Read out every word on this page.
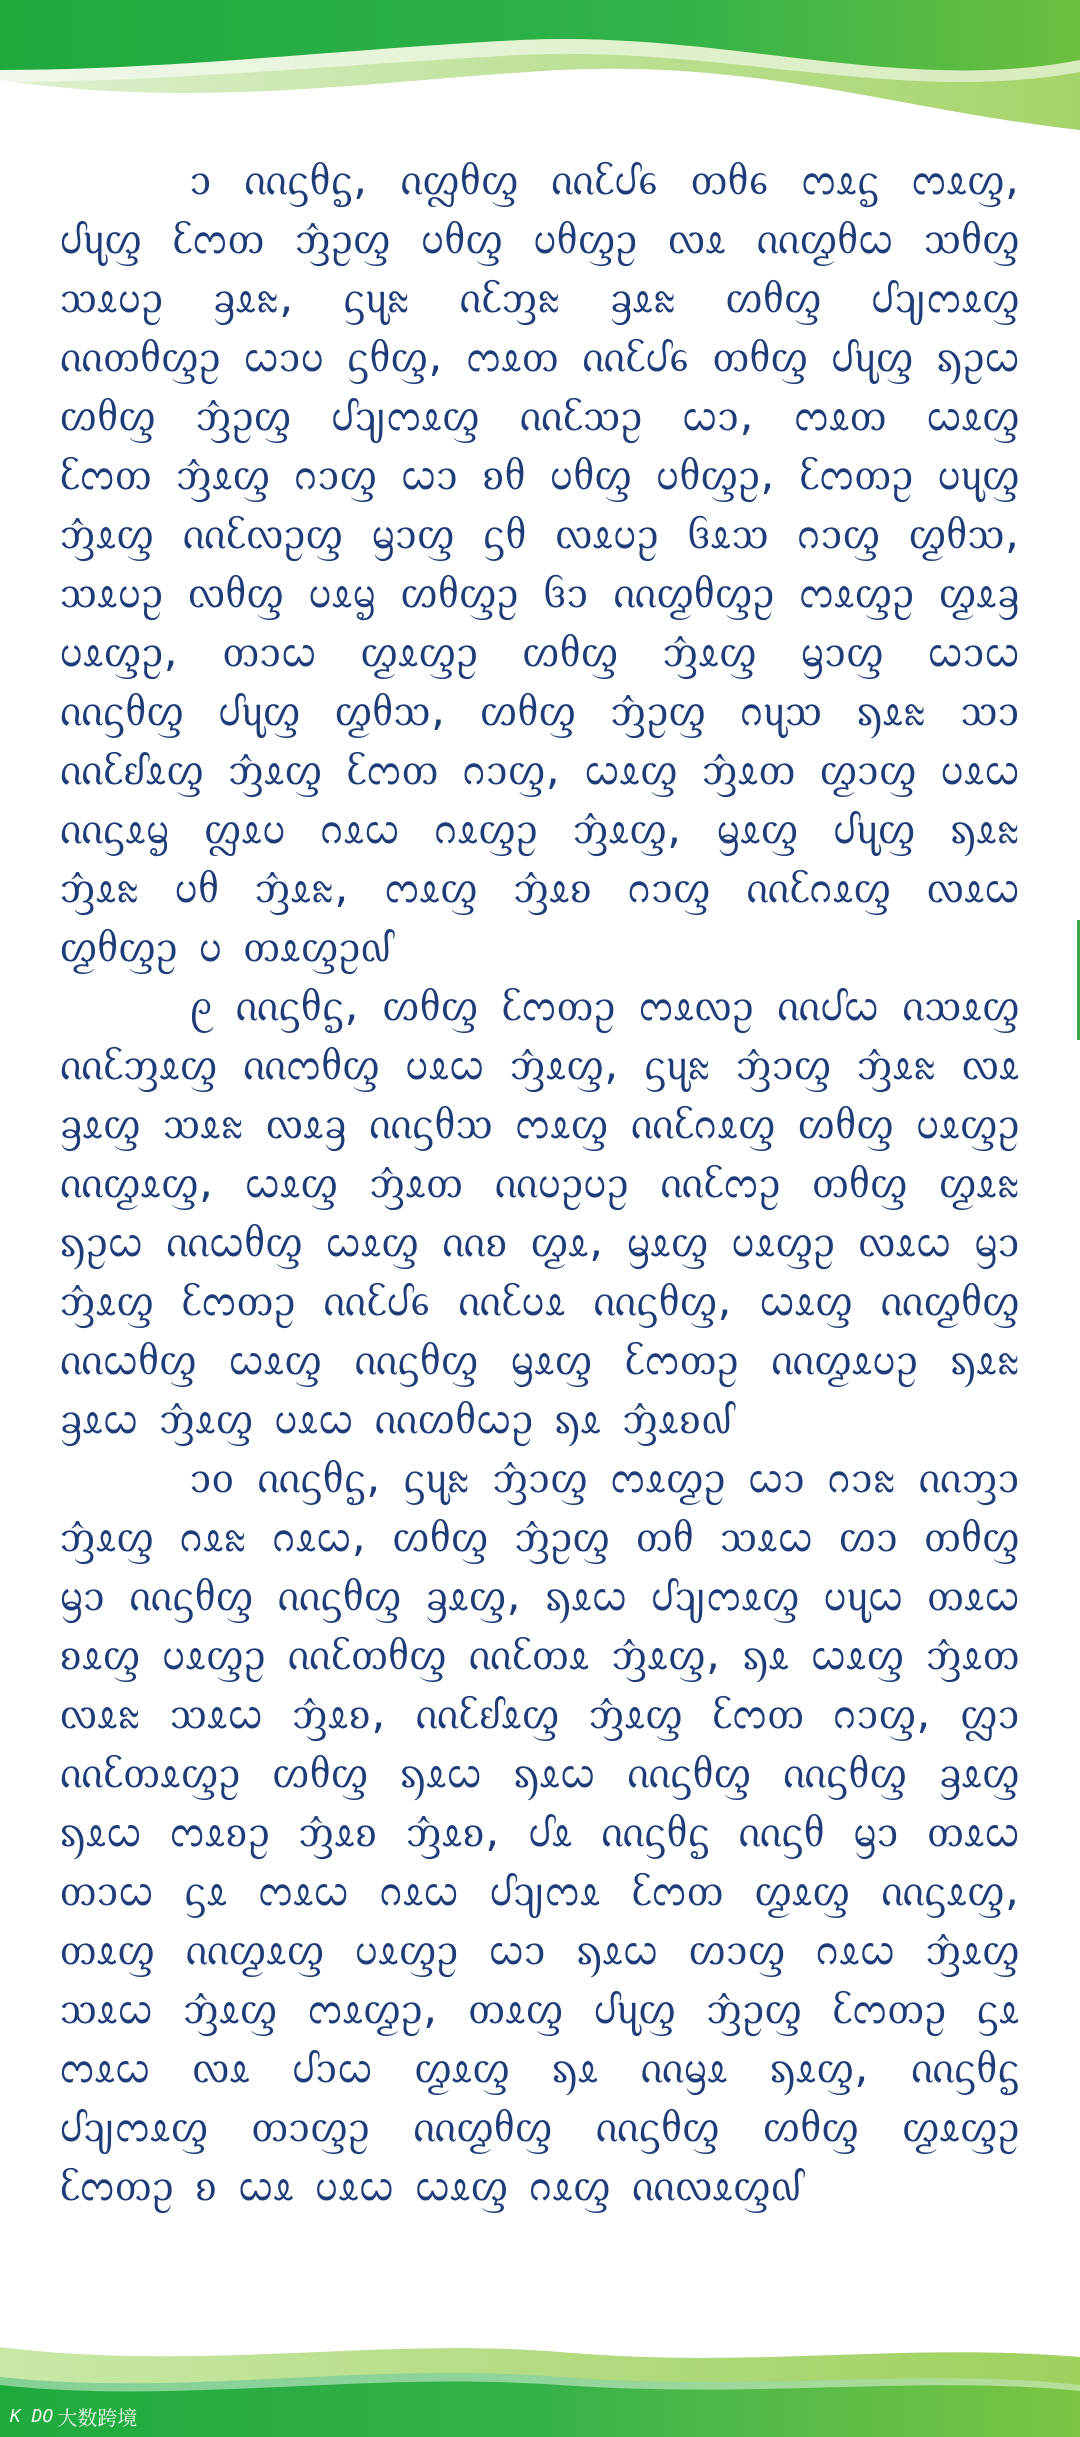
᧑ ᦶᦓᦲᧃ, ᦵᦜᦲᦐ ᦶᦷᦔᧈ ᦎᦲᧈ ᦂᦸᧃ ᦂᦸᦐ, ᦔᦴᦐ ᦷᦂᦎ ᦁᦳᦐ ᦢᦲᦐ ᦢᦲᦐᦳ ᦟᦸ ᦶᦖᦲᦍ ᦉᦲᦐ ᦉᦸᦢᦳ ᦃᦸᦰ, ᦓᦴᦰ ᦵᦷᦀᦰ ᦃᦸᦰ ᦠᦲᦐ ᦔᦻᦂᦸᦐ ᦶᦎᦲᦐᦳ ᦍᦱᦢ ᦓᦲᦐ, ᦂᦸᦎ ᦶᦷᦔᧈ ᦎᦲᦐ ᦔᦴᦐ ᦣᦳᦍ ᦠᦲᦐ ᦁᦳᦐ ᦔᦻᦂᦸᦐ ᦶᦷᦉᦳ ᦍᦱ, ᦂᦸᦎ ᦍᦸᦐ ᦷᦂᦎ ᦁᦸᦐ ᦅᦱᦐ ᦍᦱ ᦈᦲ ᦢᦲᦐ ᦢᦲᦐᦳ, ᦷᦂᦎᦳ ᦢᦴᦐ ᦁᦸᦐ ᦶᦷᦟᦳᦐ ᦙᦱᦐ ᦓᦲ ᦟᦸᦢᦳ ᦑᦸᦉ ᦅᦱᦐ ᦖᦲᦉ, ᦉᦸᦢᦳ ᦟᦲᦐ ᦢᦸᧄ ᦠᦲᦐᦳ ᦑᦱ ᦶᦖᦲᦐᦳ ᦂᦸᦐᦳ ᦖᦸᦃ ᦢᦸᦐᦳ, ᦎᦱᦍ ᦖᦸᦐᦳ ᦠᦲᦐ ᦁᦸᦐ ᦙᦱᦐ ᦍᦱᦍ ᦶᦓᦲᦐ ᦔᦴᦐ ᦖᦲᦉ, ᦠᦲᦐ ᦁᦳᦐ ᦅᦴᦉ ᦣᦸᦰ ᦉᦱ ᦶᦷᦊᦸᦐ ᦁᦸᦐ ᦷᦂᦎ ᦅᦱᦐ, ᦍᦸᦐ ᦁᦸᦎ ᦖᦱᦐ ᦢᦸᦍ ᦶᦓᦸᧄ ᦜᦸᦢ ᦅᦸᦍ ᦅᦸᦐᦳ ᦁᦸᦐ, ᦙᦸᦐ ᦔᦴᦐ ᦣᦸᦰ ᦁᦸᦰ ᦢᦲ ᦁᦸᦰ, ᦂᦸᦐ ᦁᦸᦈ ᦅᦱᦐ ᦶᦷᦅᦸᦐ ᦟᦸᦍ ᦖᦲᦐᦳ ᦢ ᦎᦸᦐᦳ᧞

᧙ ᦶᦓᦲᧃ, ᦠᦲᦐ ᦷᦂᦎᦳ ᦂᦸᦟᦳ ᦶᦔᦍ ᦵᦉᦸᦐ ᦶᦷᦀᦸᦐ ᦶᦂᦲᦐ ᦢᦸᦍ ᦁᦸᦐ, ᦓᦴᦰ ᦁᦱᦐ ᦁᦸᦰ ᦟᦸ ᦃᦸᦐ ᦉᦸᦰ ᦟᦸᦃ ᦶᦓᦲᦉ ᦂᦸᦐ ᦶᦷᦅᦸᦐ ᦠᦲᦐ ᦢᦸᦐᦳ ᦶᦖᦸᦐ, ᦍᦸᦐ ᦁᦸᦎ ᦶᦢᦳᦢᦳ ᦶᦷᦂᦳ ᦎᦲᦐ ᦖᦸᦰ ᦣᦳᦍ ᦶᦍᦲᦐ ᦍᦸᦐ ᦶᦈ ᦖᦸ, ᦙᦸᦐ ᦢᦸᦐᦳ ᦟᦸᦍ ᦙᦱ ᦁᦸᦐ ᦷᦂᦎᦳ ᦶᦷᦔᧈ ᦶᦷᦢᦸ ᦶᦓᦲᦐ, ᦍᦸᦐ ᦶᦖᦲᦐ ᦶᦍᦲᦐ ᦍᦸᦐ ᦶᦓᦲᦐ ᦙᦸᦐ ᦷᦂᦎᦳ ᦶᦖᦸᦢᦳ ᦣᦸᦰ ᦃᦸᦍ ᦁᦸᦐ ᦢᦸᦍ ᦶᦠᦲᦍᦳ ᦣᦸ ᦁᦸᦈ᧞

᧑᧐ ᦶᦓᦲᧃ, ᦓᦴᦰ ᦁᦱᦐ ᦂᦸᦖᦳ ᦍᦱ ᦅᦱᦰ ᦶᦀᦱ ᦁᦸᦐ ᦅᦸᦰ ᦅᦸᦍ, ᦠᦲᦐ ᦁᦳᦐ ᦎᦲ ᦉᦸᦍ ᦠᦱ ᦎᦲᦐ ᦙᦱ ᦶᦓᦲᦐ ᦶᦓᦲᦐ ᦃᦸᦐ, ᦣᦸᦍ ᦔᦻᦂᦸᦐ ᦢᦴᦍ ᦎᦸᦍ ᦈᦸᦐ ᦢᦸᦐᦳ ᦶᦷᦎᦲᦐ ᦶᦷᦎᦸ ᦁᦸᦐ, ᦣᦸ ᦍᦸᦐ ᦁᦸᦎ ᦟᦸᦰ ᦉᦸᦍ ᦁᦸᦈ, ᦶᦷᦊᦸᦐ ᦁᦸᦐ ᦷᦂᦎ ᦅᦱᦐ, ᦜᦱ ᦶᦷᦎᦸᦐᦳ ᦠᦲᦐ ᦣᦸᦍ ᦣᦸᦍ ᦶᦓᦲᦐ ᦶᦓᦲᦐ ᦃᦸᦐ ᦣᦸᦍ ᦂᦸᦈᦳ ᦁᦸᦈ ᦁᦸᦈ, ᦔᦸ ᦶᦓᦲᧃ ᦶᦓᦲ ᦙᦱ ᦎᦸᦍ ᦎᦱᦍ ᦓᦸ ᦂᦸᦍ ᦅᦸᦍ ᦔᦻᦂᦸ ᦷᦂᦎ ᦖᦸᦐ ᦶᦓᦸᦐ, ᦎᦸᦐ ᦶᦖᦸᦐ ᦢᦸᦐᦳ ᦍᦱ ᦣᦸᦍ ᦠᦱᦐ ᦅᦸᦍ ᦁᦸᦐ ᦉᦸᦍ ᦁᦸᦐ ᦂᦸᦖᦳ, ᦎᦸᦐ ᦔᦴᦐ ᦁᦳᦐ ᦷᦂᦎᦳ ᦓᦸ ᦂᦸᦍ ᦟᦸ ᦔᦱᦍ ᦖᦸᦐ ᦣᦸ ᦶᦙᦸ ᦣᦸᦐ, ᦶᦓᦲᧃ ᦔᦻᦂᦸᦐ ᦎᦱᦐᦳ ᦶᦖᦲᦐ ᦶᦓᦲᦐ ᦠᦲᦐ ᦖᦸᦐᦳ ᦷᦂᦎᦳ ᦈ ᦍᦸ ᦢᦸᦍ ᦍᦸᦐ ᦅᦸᦐ ᦶᦟᦸᦐ᧞

K DO 大数跨境
